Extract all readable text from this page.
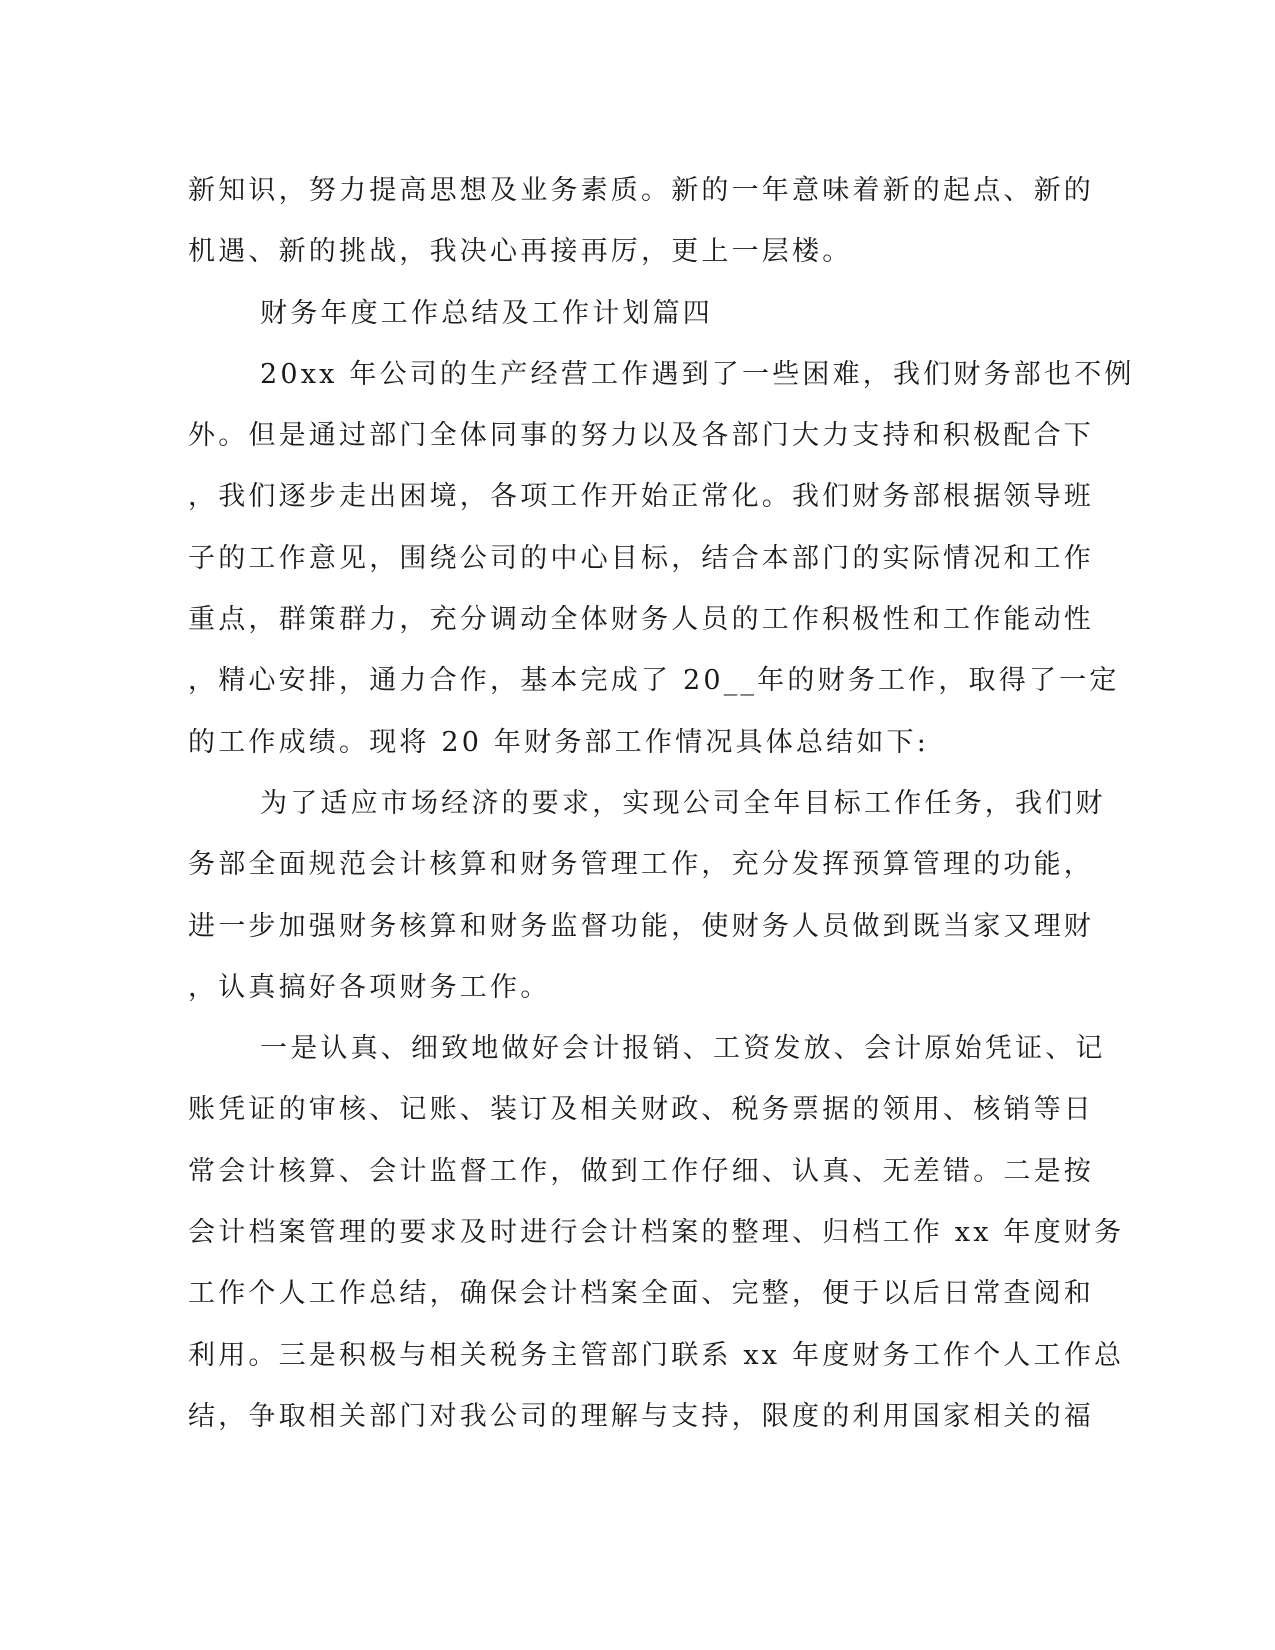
新知识，努力提高思想及业务素质。新的一年意味着新的起点、新的
机遇、新的挑战，我决心再接再厉，更上一层楼。
财务年度工作总结及工作计划篇四
20xx 年公司的生产经营工作遇到了一些困难，我们财务部也不例
外。但是通过部门全体同事的努力以及各部门大力支持和积极配合下
，我们逐步走出困境，各项工作开始正常化。我们财务部根据领导班
子的工作意见，围绕公司的中心目标，结合本部门的实际情况和工作
重点，群策群力，充分调动全体财务人员的工作积极性和工作能动性
，精心安排，通力合作，基本完成了 20__年的财务工作，取得了一定
的工作成绩。现将 20 年财务部工作情况具体总结如下:
为了适应市场经济的要求，实现公司全年目标工作任务，我们财
务部全面规范会计核算和财务管理工作，充分发挥预算管理的功能，
进一步加强财务核算和财务监督功能，使财务人员做到既当家又理财
，认真搞好各项财务工作。
一是认真、细致地做好会计报销、工资发放、会计原始凭证、记
账凭证的审核、记账、装订及相关财政、税务票据的领用、核销等日
常会计核算、会计监督工作，做到工作仔细、认真、无差错。二是按
会计档案管理的要求及时进行会计档案的整理、归档工作 xx 年度财务
工作个人工作总结，确保会计档案全面、完整，便于以后日常查阅和
利用。三是积极与相关税务主管部门联系 xx 年度财务工作个人工作总
结，争取相关部门对我公司的理解与支持，限度的利用国家相关的福
